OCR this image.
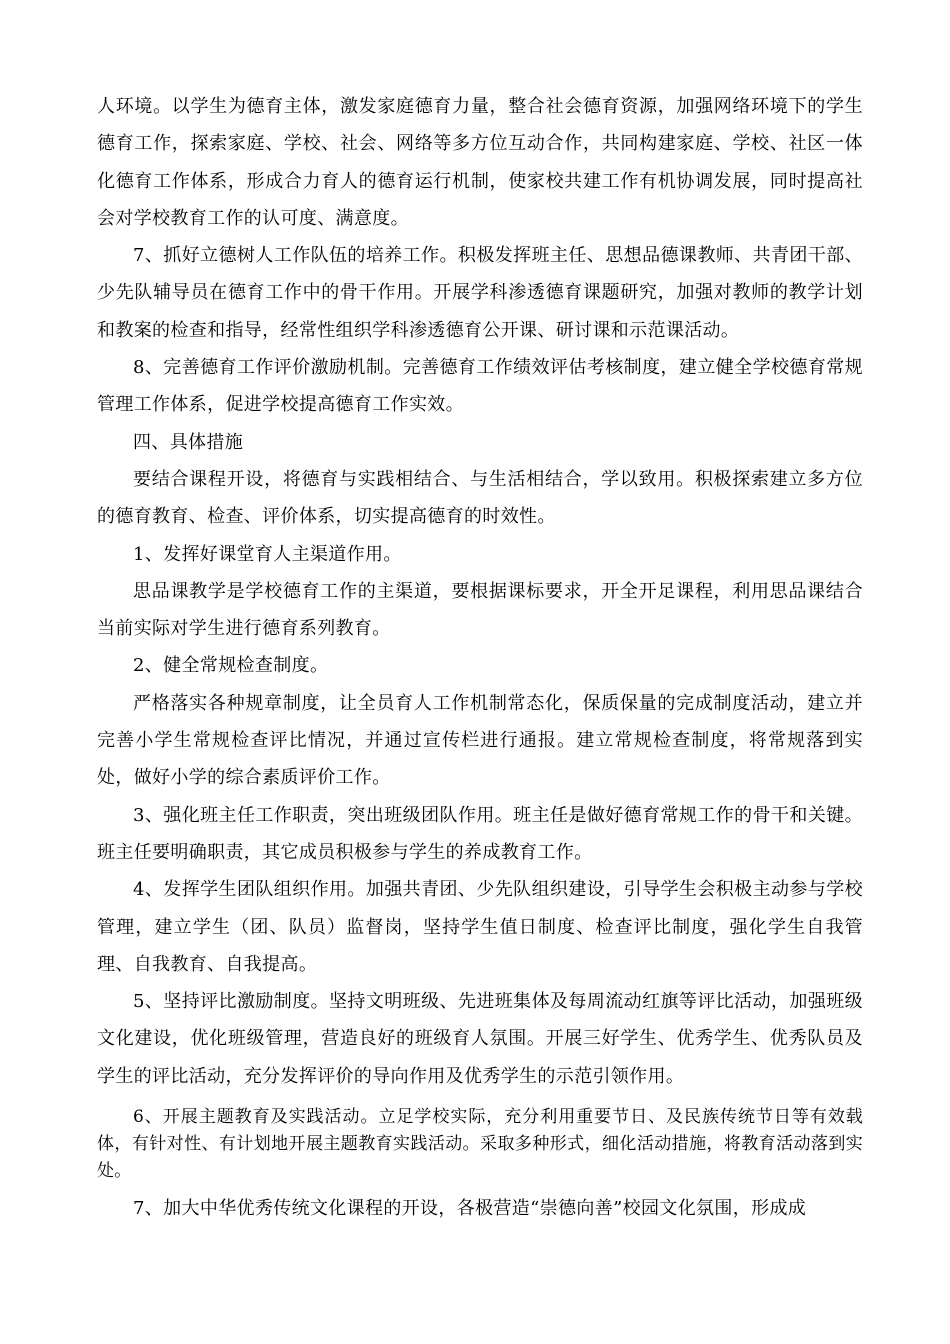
人环境。以学生为德育主体，激发家庭德育力量，整合社会德育资源，加强网络环境下的学生德育工作，探索家庭、学校、社会、网络等多方位互动合作，共同构建家庭、学校、社区一体化德育工作体系，形成合力育人的德育运行机制，使家校共建工作有机协调发展，同时提高社会对学校教育工作的认可度、满意度。

7、抓好立德树人工作队伍的培养工作。积极发挥班主任、思想品德课教师、共青团干部、少先队辅导员在德育工作中的骨干作用。开展学科渗透德育课题研究，加强对教师的教学计划和教案的检查和指导，经常性组织学科渗透德育公开课、研讨课和示范课活动。

8、完善德育工作评价激励机制。完善德育工作绩效评估考核制度，建立健全学校德育常规管理工作体系，促进学校提高德育工作实效。

四、具体措施

要结合课程开设，将德育与实践相结合、与生活相结合，学以致用。积极探索建立多方位的德育教育、检查、评价体系，切实提高德育的时效性。

1、发挥好课堂育人主渠道作用。

思品课教学是学校德育工作的主渠道，要根据课标要求，开全开足课程，利用思品课结合当前实际对学生进行德育系列教育。

2、健全常规检查制度。

严格落实各种规章制度，让全员育人工作机制常态化，保质保量的完成制度活动，建立并完善小学生常规检查评比情况，并通过宣传栏进行通报。建立常规检查制度，将常规落到实处，做好小学的综合素质评价工作。

3、强化班主任工作职责，突出班级团队作用。班主任是做好德育常规工作的骨干和关键。班主任要明确职责，其它成员积极参与学生的养成教育工作。

4、发挥学生团队组织作用。加强共青团、少先队组织建设，引导学生会积极主动参与学校管理，建立学生（团、队员）监督岗，坚持学生值日制度、检查评比制度，强化学生自我管理、自我教育、自我提高。

5、坚持评比激励制度。坚持文明班级、先进班集体及每周流动红旗等评比活动，加强班级文化建设，优化班级管理，营造良好的班级育人氛围。开展三好学生、优秀学生、优秀队员及学生的评比活动，充分发挥评价的导向作用及优秀学生的示范引领作用。

6、开展主题教育及实践活动。立足学校实际，充分利用重要节日、及民族传统节日等有效载体，有针对性、有计划地开展主题教育实践活动。采取多种形式，细化活动措施，将教育活动落到实处。

7、加大中华优秀传统文化课程的开设，各极营造“崇德向善”校园文化氛围，形成成
